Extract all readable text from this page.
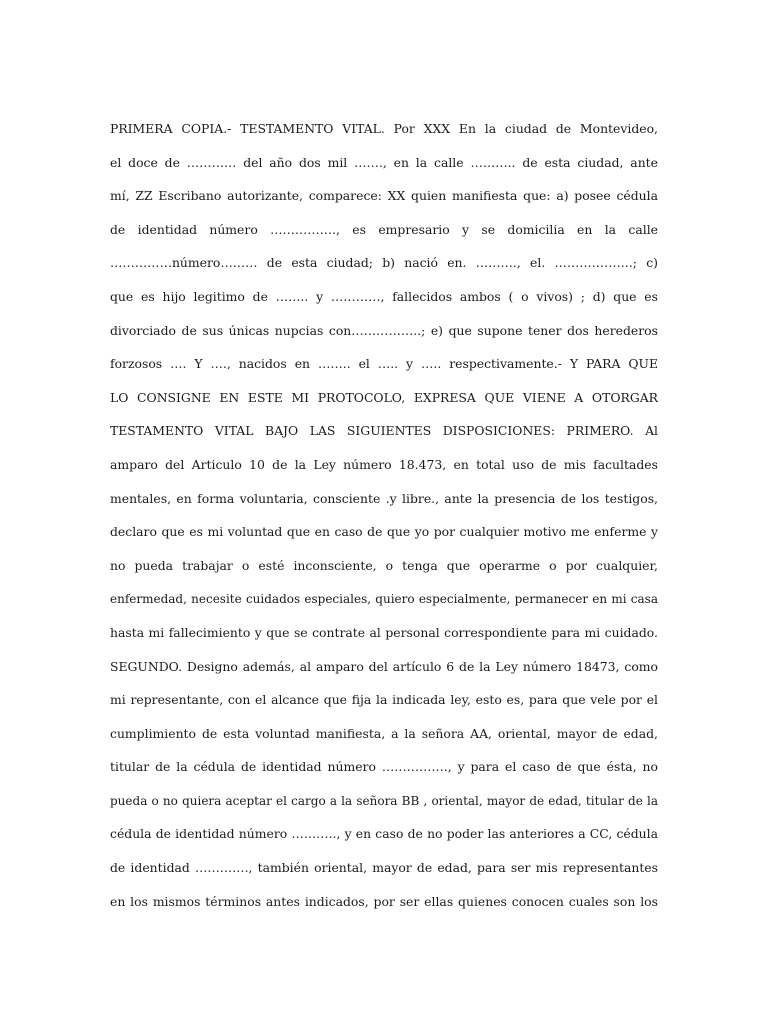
PRIMERA COPIA.- TESTAMENTO VITAL. Por XXX En la ciudad de Montevideo,
el doce de ………… del año dos mil ……., en la calle ……….. de esta ciudad, ante
mí, ZZ Escribano autorizante, comparece: XX quien manifiesta que: a) posee cédula
de identidad número ……………., es empresario y se domicilia en la calle
……………número……… de esta ciudad; b) nació en. ………., el. ……………….; c)
que es hijo legitimo de …….. y …………, fallecidos ambos ( o vivos) ; d) que es
divorciado de sus únicas nupcias con……………..; e) que supone tener dos herederos
forzosos …. Y …., nacidos en …….. el ….. y ….. respectivamente.- Y PARA QUE
LO CONSIGNE EN ESTE MI PROTOCOLO, EXPRESA QUE VIENE A OTORGAR
TESTAMENTO VITAL BAJO LAS SIGUIENTES DISPOSICIONES: PRIMERO. Al
amparo del Articulo 10 de la Ley número 18.473, en total uso de mis facultades
mentales, en forma voluntaria, consciente .y libre., ante la presencia de los testigos,
declaro que es mi voluntad que en caso de que yo por cualquier motivo me enferme y
no pueda trabajar o esté inconsciente, o tenga que operarme o por cualquier,
enfermedad, necesite cuidados especiales, quiero especialmente, permanecer en mi casa
hasta mi fallecimiento y que se contrate al personal correspondiente para mi cuidado.
SEGUNDO. Designo además, al amparo del artículo 6 de la Ley número 18473, como
mi representante, con el alcance que fija la indicada ley, esto es, para que vele por el
cumplimiento de esta voluntad manifiesta, a la señora AA, oriental, mayor de edad,
titular de la cédula de identidad número ……………., y para el caso de que ésta, no
pueda o no quiera aceptar el cargo a la señora BB , oriental, mayor de edad, titular de la
cédula de identidad número ……….., y en caso de no poder las anteriores a CC, cédula
de identidad …………., también oriental, mayor de edad, para ser mis representantes
en los mismos términos antes indicados, por ser ellas quienes conocen cuales son los
